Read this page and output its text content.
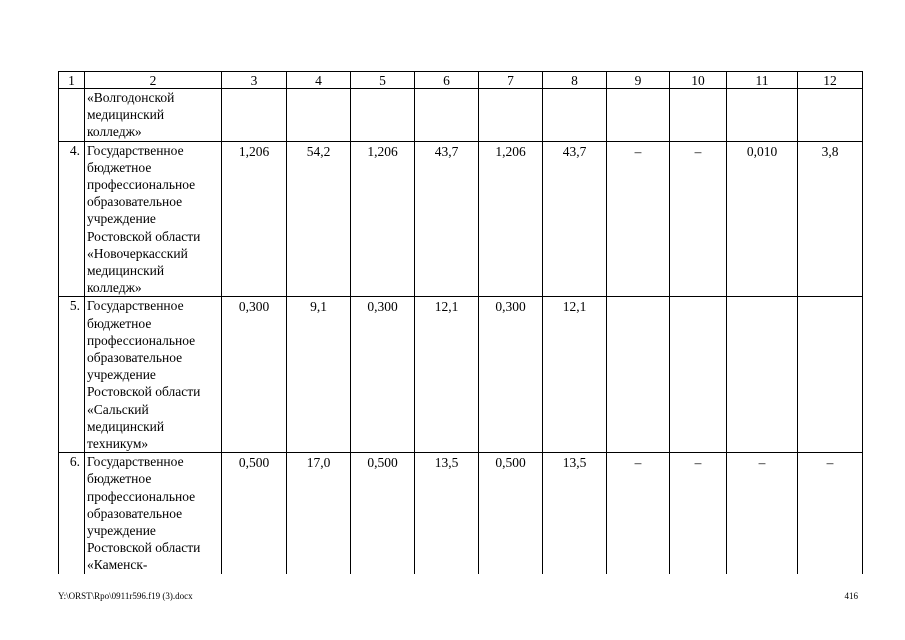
1	2	3	4	5	6	7	8	9	10	11	12
	«Волгодонской медицинский колледж»										
4.	Государственное бюджетное профессиональное образовательное учреждение Ростовской области «Новочеркасский медицинский колледж»	1,206	54,2	1,206	43,7	1,206	43,7	–	–	0,010	3,8
5.	Государственное бюджетное профессиональное образовательное учреждение Ростовской области «Сальский медицинский техникум»	0,300	9,1	0,300	12,1	0,300	12,1				
6.	Государственное бюджетное профессиональное образовательное учреждение Ростовской области «Каменск-	0,500	17,0	0,500	13,5	0,500	13,5	–	–	–	–
Y:\ORST\Rpo\0911r596.f19 (3).docx	416
